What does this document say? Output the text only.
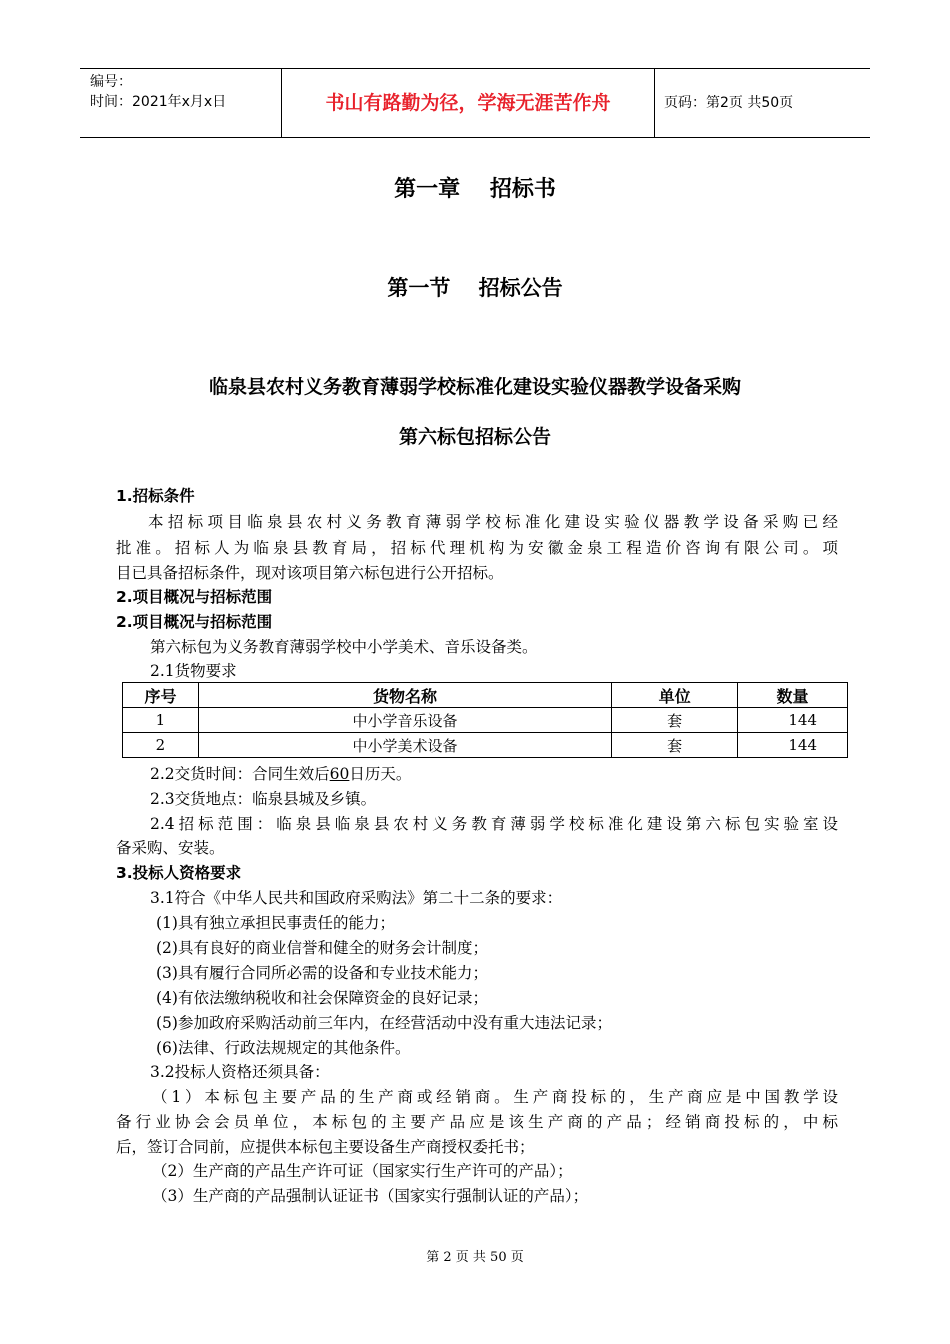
编号：
时间：2021年x月x日	书山有路勤为径，学海无涯苦作舟	页码：第2页 共50页
第一章　 招标书
第一节　 招标公告
临泉县农村义务教育薄弱学校标准化建设实验仪器教学设备采购
第六标包招标公告
1.招标条件
本招标项目临泉县农村义务教育薄弱学校标准化建设实验仪器教学设备采购已经
批准。招标人为临泉县教育局，招标代理机构为安徽金泉工程造价咨询有限公司。项
目已具备招标条件，现对该项目第六标包进行公开招标。
2.项目概况与招标范围
2.项目概况与招标范围
第六标包为义务教育薄弱学校中小学美术、音乐设备类。
2.1货物要求
序号	货物名称	单位	数量
1	中小学音乐设备	套	144
2	中小学美术设备	套	144
2.2交货时间：合同生效后60日历天。
2.3交货地点：临泉县城及乡镇。
2.4招标范围：临泉县临泉县农村义务教育薄弱学校标准化建设第六标包实验室设
备采购、安装。
3.投标人资格要求
3.1符合《中华人民共和国政府采购法》第二十二条的要求：
(1)具有独立承担民事责任的能力；
(2)具有良好的商业信誉和健全的财务会计制度；
(3)具有履行合同所必需的设备和专业技术能力；
(4)有依法缴纳税收和社会保障资金的良好记录；
(5)参加政府采购活动前三年内，在经营活动中没有重大违法记录；
(6)法律、行政法规规定的其他条件。
3.2投标人资格还须具备：
（1）本标包主要产品的生产商或经销商。生产商投标的，生产商应是中国教学设
备行业协会会员单位，本标包的主要产品应是该生产商的产品；经销商投标的，中标
后，签订合同前，应提供本标包主要设备生产商授权委托书；
（2）生产商的产品生产许可证（国家实行生产许可的产品）；
（3）生产商的产品强制认证证书（国家实行强制认证的产品）；
第 2 页 共 50 页
